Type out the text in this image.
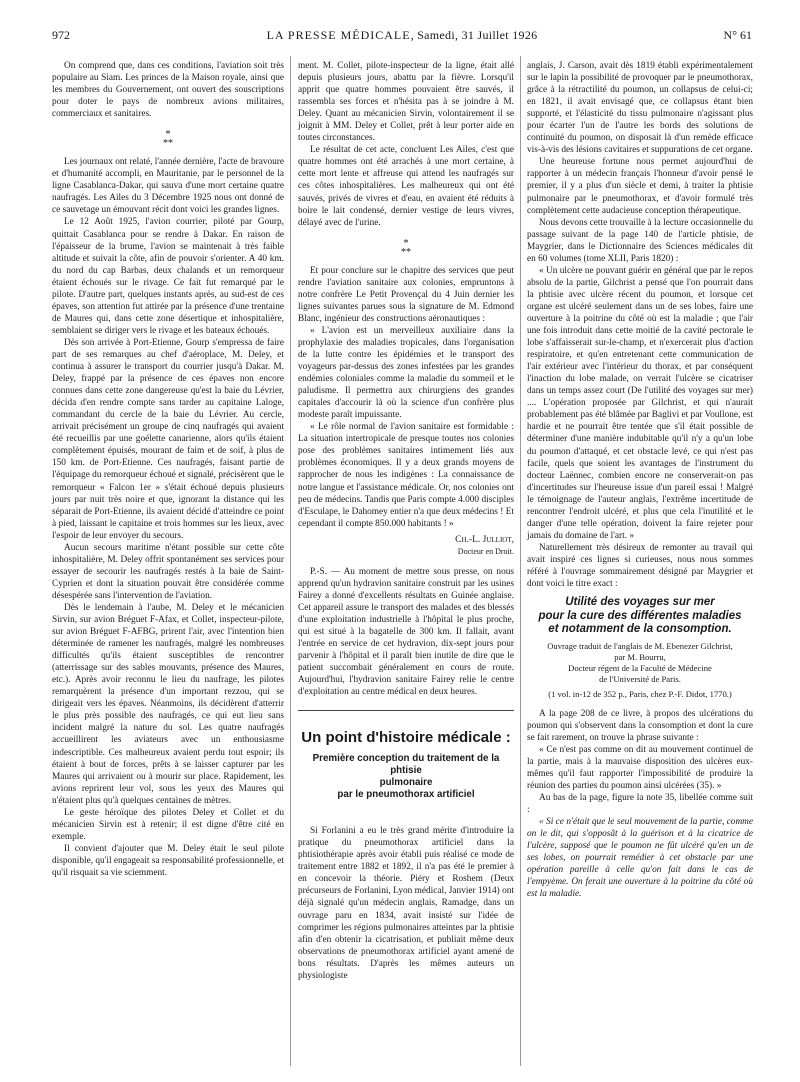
972	LA PRESSE MÉDICALE, Samedi, 31 Juillet 1926	N° 61

On comprend que, dans ces conditions, l'aviation soit très populaire au Siam. Les princes de la Maison royale, ainsi que les membres du Gouvernement, ont ouvert des souscriptions pour doter le pays de nombreux avions militaires, commerciaux et sanitaires.

*
**

Les journaux ont relaté, l'année dernière, l'acte de bravoure et d'humanité accompli, en Mauritanie, par le personnel de la ligne Casablanca-Dakar, qui sauva d'une mort certaine quatre naufragés. Les Ailes du 3 Décembre 1925 nous ont donné de ce sauvetage un émouvant récit dont voici les grandes lignes.

Le 12 Août 1925, l'avion courrier, piloté par Gourp, quittait Casablanca pour se rendre à Dakar. En raison de l'épaisseur de la brume, l'avion se maintenait à très faible altitude et suivait la côte, afin de pouvoir s'orienter. A 40 km. du nord du cap Barbas, deux chalands et un remorqueur étaient échoués sur le rivage. Ce fait fut remarqué par le pilote. D'autre part, quelques instants après, au sud-est de ces épaves, son attention fut attirée par la présence d'une trentaine de Maures qui, dans cette zone désertique et inhospitalière, semblaient se diriger vers le rivage et les bateaux échoués.

Dès son arrivée à Port-Etienne, Gourp s'empressa de faire part de ses remarques au chef d'aéroplace, M. Deley, et continua à assurer le transport du courrier jusqu'à Dakar. M. Deley, frappé par la présence de ces épaves non encore connues dans cette zone dangereuse qu'est la baie du Lévrier, décida d'en rendre compte sans tarder au capitaine Laloge, commandant du cercle de la baie du Lévrier. Au cercle, arrivait précisément un groupe de cinq naufragés qui avaient été recueillis par une goélette canarienne, alors qu'ils étaient complètement épuisés, mourant de faim et de soif, à plus de 150 km. de Port-Etienne. Ces naufragés, faisant partie de l'équipage du remorqueur échoué et signalé, précisèrent que le remorqueur « Falcon 1er » s'était échoué depuis plusieurs jours par nuit très noire et que, ignorant la distance qui les séparait de Port-Etienne, ils avaient décidé d'atteindre ce point à pied, laissant le capitaine et trois hommes sur les lieux, avec l'espoir de leur envoyer du secours.

Aucun secours maritime n'étant possible sur cette côte inhospitalière, M. Deley offrit spontanément ses services pour essayer de secourir les naufragés restés à la baie de Saint-Cyprien et dont la situation pouvait être considérée comme désespérée sans l'intervention de l'aviation.

Dès le lendemain à l'aube, M. Deley et le mécanicien Sirvin, sur avion Bréguet F-Afax, et Collet, inspecteur-pilote, sur avion Bréguet F-AFBG, prirent l'air, avec l'intention bien déterminée de ramener les naufragés, malgré les nombreuses difficultés qu'ils étaient susceptibles de rencontrer (atterrissage sur des sables mouvants, présence des Maures, etc.). Après avoir reconnu le lieu du naufrage, les pilotes remarquèrent la présence d'un important rezzou, qui se dirigeait vers les épaves. Néanmoins, ils décidèrent d'atterrir le plus près possible des naufragés, ce qui eut lieu sans incident malgré la nature du sol. Les quatre naufragés accueillirent les aviateurs avec un enthousiasme indescriptible. Ces malheureux avaient perdu tout espoir; ils étaient à bout de forces, prêts à se laisser capturer par les Maures qui arrivaient ou à mourir sur place. Rapidement, les avions reprirent leur vol, sous les yeux des Maures qui n'étaient plus qu'à quelques centaines de mètres.

Le geste héroïque des pilotes Deley et Collet et du mécanicien Sirvin est à retenir; il est digne d'être cité en exemple.

Il convient d'ajouter que M. Deley était le seul pilote disponible, qu'il engageait sa responsabilité professionnelle, et qu'il risquait sa vie sciemment.

ment. M. Collet, pilote-inspecteur de la ligne, était allé depuis plusieurs jours, abattu par la fièvre. Lorsqu'il apprit que quatre hommes pouvaient être sauvés, il rassembla ses forces et n'hésita pas à se joindre à M. Deley. Quant au mécanicien Sirvin, volontairement il se joignit à MM. Deley et Collet, prêt à leur porter aide en toutes circonstances.

Le résultat de cet acte, concluent Les Ailes, c'est que quatre hommes ont été arrachés à une mort certaine, à cette mort lente et affreuse qui attend les naufragés sur ces côtes inhospitalières. Les malheureux qui ont été sauvés, privés de vivres et d'eau, en avaient été réduits à boire le lait condensé, dernier vestige de leurs vivres, délayé avec de l'urine.

*
**

Et pour conclure sur le chapitre des services que peut rendre l'aviation sanitaire aux colonies, empruntons à notre confrère Le Petit Provençal du 4 Juin dernier les lignes suivantes parues sous la signature de M. Edmond Blanc, ingénieur des constructions aéronautiques :

« L'avion est un merveilleux auxiliaire dans la prophylaxie des maladies tropicales, dans l'organisation de la lutte contre les épidémies et le transport des voyageurs par-dessus des zones infestées par les grandes endémies coloniales comme la maladie du sommeil et le paludisme. Il permettra aux chirurgiens des grandes capitales d'accourir là où la science d'un confrère plus modeste paraît impuissante.

« Le rôle normal de l'avion sanitaire est formidable : La situation intertropicale de presque toutes nos colonies pose des problèmes sanitaires intimement liés aux problèmes économiques. Il y a deux grands moyens de rapprocher de nous les indigènes : La connaissance de notre langue et l'assistance médicale. Or, nos colonies ont peu de médecins. Tandis que Paris compte 4.000 disciples d'Esculape, le Dahomey entier n'a que deux médecins ! Et cependant il compte 850.000 habitants ! »

Ch.-L. Julliot,
Docteur en Droit.

P.-S. — Au moment de mettre sous presse, on nous apprend qu'un hydravion sanitaire construit par les usines Fairey a donné d'excellents résultats en Guinée anglaise. Cet appareil assure le transport des malades et des blessés d'une exploitation industrielle à l'hôpital le plus proche, qui est situé à la bagatelle de 300 km. Il fallait, avant l'entrée en service de cet hydravion, dix-sept jours pour parvenir à l'hôpital et il paraît bien inutile de dire que le patient succombait généralement en cours de route. Aujourd'hui, l'hydravion sanitaire Fairey relie le centre d'exploitation au centre médical en deux heures.

Un point d'histoire médicale :
Première conception du traitement de la phtisie
pulmonaire
par le pneumothorax artificiel

Si Forlanini a eu le très grand mérite d'introduire la pratique du pneumothorax artificiel dans la phtisiothérapie après avoir établi puis réalisé ce mode de traitement entre 1882 et 1892, il n'a pas été le premier à en concevoir la théorie. Piéry et Roshem (Deux précurseurs de Forlanini, Lyon médical, Janvier 1914) ont déjà signalé qu'un médecin anglais, Ramadge, dans un ouvrage paru en 1834, avait insisté sur l'idée de comprimer les régions pulmonaires atteintes par la phtisie afin d'en obtenir la cicatrisation, et publiait même deux observations de pneumothorax artificiel ayant amené de bons résultats. D'après les mêmes auteurs un physiologiste

anglais, J. Carson, avait dès 1819 établi expérimentalement sur le lapin la possibilité de provoquer par le pneumothorax, grâce à la rétractilité du poumon, un collapsus de celui-ci; en 1821, il avait envisagé que, ce collapsus étant bien supporté, et l'élasticité du tissu pulmonaire n'agissant plus pour écarter l'un de l'autre les bords des solutions de continuité du poumon, on disposait là d'un remède efficace vis-à-vis des lésions cavitaires et suppurations de cet organe.

Une heureuse fortune nous permet aujourd'hui de rapporter à un médecin français l'honneur d'avoir pensé le premier, il y a plus d'un siècle et demi, à traiter la phtisie pulmonaire par le pneumothorax, et d'avoir formulé très complètement cette audacieuse conception thérapeutique.

Nous devons cette trouvaille à la lecture occasionnelle du passage suivant de la page 140 de l'article phtisie, de Maygrier, dans le Dictionnaire des Sciences médicales dit en 60 volumes (tome XLII, Paris 1820) :

« Un ulcère ne pouvant guérir en général que par le repos absolu de la partie, Gilchrist a pensé que l'on pourrait dans la phtisie avec ulcère récent du poumon, et lorsque cet organe est ulcéré seulement dans un de ses lobes, faire une ouverture à la poitrine du côté où est la maladie ; que l'air une fois introduit dans cette moitié de la cavité pectorale le lobe s'affaisserait sur-le-champ, et n'exercerait plus d'action respiratoire, et qu'en entretenant cette communication de l'air extérieur avec l'intérieur du thorax, et par conséquent l'inaction du lobe malade, on verrait l'ulcère se cicatriser dans un temps assez court (De l'utilité des voyages sur mer) .... L'opération proposée par Gilchrist, et qui n'aurait probablement pas été blâmée par Baglivi et par Voullone, est hardie et ne pourrait être tentée que s'il était possible de déterminer d'une manière indubitable qu'il n'y a qu'un lobe du poumon d'attaqué, et cet obstacle levé, ce qui n'est pas facile, quels que soient les avantages de l'instrument du docteur Laënnec, combien encore ne conserverait-on pas d'incertitudes sur l'heureuse issue d'un pareil essai ! Malgré le témoignage de l'auteur anglais, l'extrême incertitude de rencontrer l'endroit ulcéré, et plus que cela l'inutilité et le danger d'une telle opération, doivent la faire rejeter pour jamais du domaine de l'art. »

Naturellement très désireux de remonter au travail qui avait inspiré ces lignes si curieuses, nous nous sommes référé à l'ouvrage sommairement désigné par Maygrier et dont voici le titre exact :

Utilité des voyages sur mer
pour la cure des différentes maladies
et notamment de la consomption.
Ouvrage traduit de l'anglais de M. Ebenezer Gilchrist,
par M. Bourru,
Docteur régent de la Faculté de Médecine
de l'Université de Paris.
(1 vol. in-12 de 352 p., Paris, chez P.-F. Didot, 1770.)

A la page 208 de ce livre, à propos des ulcérations du poumon qui s'observent dans la consomption et dont la cure se fait rarement, on trouve la phrase suivante :

« Ce n'est pas comme on dit au mouvement continuel de la partie, mais à la mauvaise disposition des ulcères eux-mêmes qu'il faut rapporter l'impossibilité de produire la réunion des parties du poumon ainsi ulcérées (35). »

Au bas de la page, figure la note 35, libellée comme suit :

« Si ce n'était que le seul mouvement de la partie, comme on le dit, qui s'opposât à la guérison et à la cicatrice de l'ulcère, supposé que le poumon ne fût ulcéré qu'en un de ses lobes, on pourrait remédier à cet obstacle par une opération pareille à celle qu'on fait dans le cas de l'empyème. On ferait une ouverture à la poitrine du côté où est la maladie.
